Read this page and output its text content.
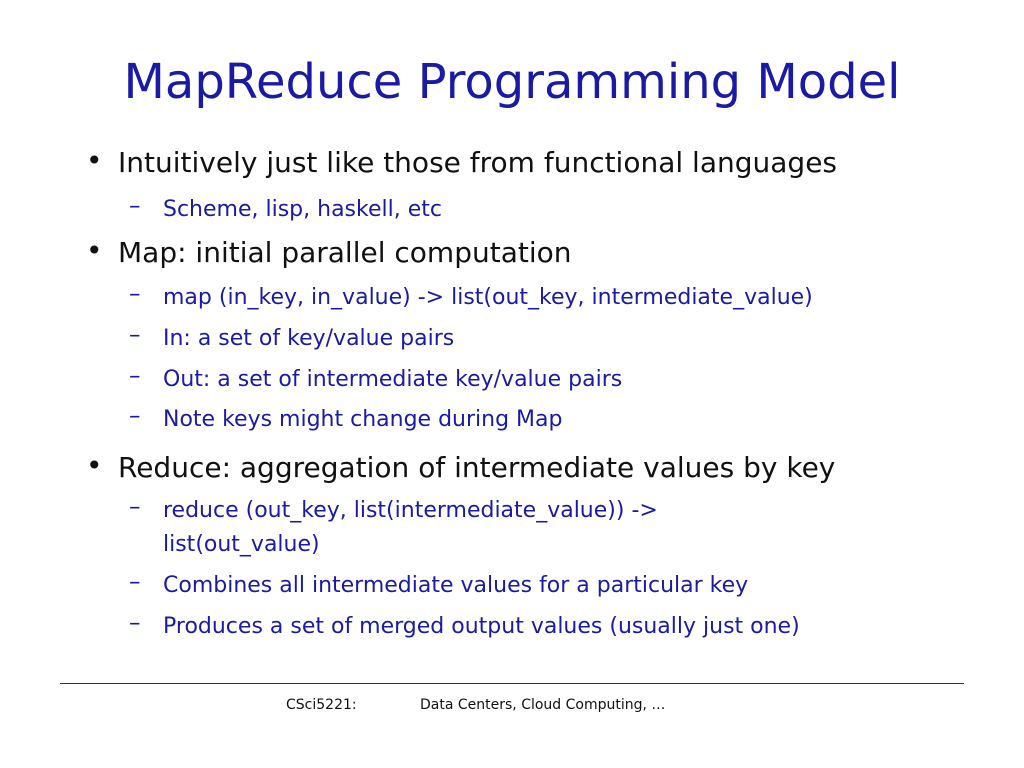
MapReduce Programming Model
• Intuitively just like those from functional languages
– Scheme, lisp, haskell, etc
• Map: initial parallel computation
– map (in_key, in_value) -> list(out_key, intermediate_value)
– In: a set of key/value pairs
– Out: a set of intermediate key/value pairs
– Note keys might change during Map
• Reduce: aggregation of intermediate values by key
– reduce (out_key, list(intermediate_value)) ->
list(out_value)
– Combines all intermediate values for a particular key
– Produces a set of merged output values (usually just one)
CSci5221:	Data Centers, Cloud Computing, …
